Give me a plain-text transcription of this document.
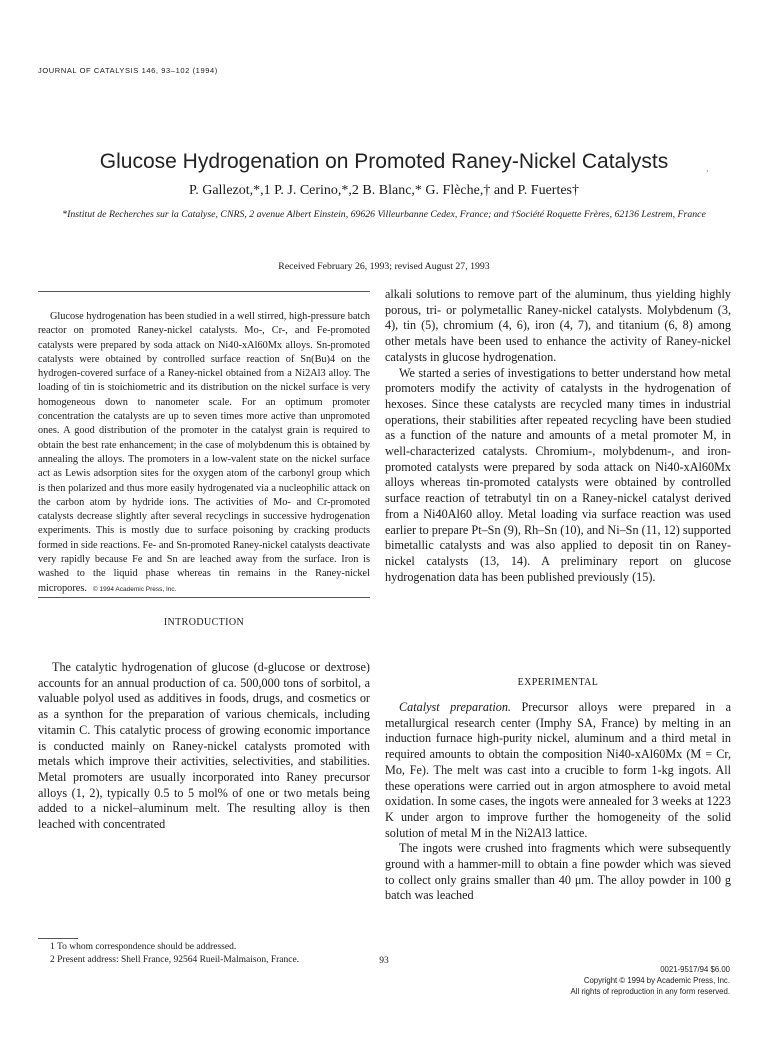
JOURNAL OF CATALYSIS 146, 93–102 (1994)
Glucose Hydrogenation on Promoted Raney-Nickel Catalysts	,
P. Gallezot,*,1 P. J. Cerino,*,2 B. Blanc,* G. Flèche,† and P. Fuertes†
*Institut de Recherches sur la Catalyse, CNRS, 2 avenue Albert Einstein, 69626 Villeurbanne Cedex, France; and †Société Roquette Frères, 62136 Lestrem, France
Received February 26, 1993; revised August 27, 1993

Glucose hydrogenation has been studied in a well stirred, high-pressure batch reactor on promoted Raney-nickel catalysts. Mo-, Cr-, and Fe-promoted catalysts were prepared by soda attack on Ni40-xAl60Mx alloys. Sn-promoted catalysts were obtained by controlled surface reaction of Sn(Bu)4 on the hydrogen-covered surface of a Raney-nickel obtained from a Ni2Al3 alloy. The loading of tin is stoichiometric and its distribution on the nickel surface is very homogeneous down to nanometer scale. For an optimum promoter concentration the catalysts are up to seven times more active than unpromoted ones. A good distribution of the promoter in the catalyst grain is required to obtain the best rate enhancement; in the case of molybdenum this is obtained by annealing the alloys. The promoters in a low-valent state on the nickel surface act as Lewis adsorption sites for the oxygen atom of the carbonyl group which is then polarized and thus more easily hydrogenated via a nucleophilic attack on the carbon atom by hydride ions. The activities of Mo- and Cr-promoted catalysts decrease slightly after several recyclings in successive hydrogenation experiments. This is mostly due to surface poisoning by cracking products formed in side reactions. Fe- and Sn-promoted Raney-nickel catalysts deactivate very rapidly because Fe and Sn are leached away from the surface. Iron is washed to the liquid phase whereas tin remains in the Raney-nickel micropores. © 1994 Academic Press, Inc.

alkali solutions to remove part of the aluminum, thus yielding highly porous, tri- or polymetallic Raney-nickel catalysts. Molybdenum (3, 4), tin (5), chromium (4, 6), iron (4, 7), and titanium (6, 8) among other metals have been used to enhance the activity of Raney-nickel catalysts in glucose hydrogenation.

We started a series of investigations to better understand how metal promoters modify the activity of catalysts in the hydrogenation of hexoses. Since these catalysts are recycled many times in industrial operations, their stabilities after repeated recycling have been studied as a function of the nature and amounts of a metal promoter M, in well-characterized catalysts. Chromium-, molybdenum-, and iron-promoted catalysts were prepared by soda attack on Ni40-xAl60Mx alloys whereas tin-promoted catalysts were obtained by controlled surface reaction of tetrabutyl tin on a Raney-nickel catalyst derived from a Ni40Al60 alloy. Metal loading via surface reaction was used earlier to prepare Pt–Sn (9), Rh–Sn (10), and Ni–Sn (11, 12) supported bimetallic catalysts and was also applied to deposit tin on Raney-nickel catalysts (13, 14). A preliminary report on glucose hydrogenation data has been published previously (15).

INTRODUCTION

The catalytic hydrogenation of glucose (d-glucose or dextrose) accounts for an annual production of ca. 500,000 tons of sorbitol, a valuable polyol used as additives in foods, drugs, and cosmetics or as a synthon for the preparation of various chemicals, including vitamin C. This catalytic process of growing economic importance is conducted mainly on Raney-nickel catalysts promoted with metals which improve their activities, selectivities, and stabilities. Metal promoters are usually incorporated into Raney precursor alloys (1, 2), typically 0.5 to 5 mol% of one or two metals being added to a nickel–aluminum melt. The resulting alloy is then leached with concentrated

EXPERIMENTAL

Catalyst preparation. Precursor alloys were prepared in a metallurgical research center (Imphy SA, France) by melting in an induction furnace high-purity nickel, aluminum and a third metal in required amounts to obtain the composition Ni40-xAl60Mx (M = Cr, Mo, Fe). The melt was cast into a crucible to form 1-kg ingots. All these operations were carried out in argon atmosphere to avoid metal oxidation. In some cases, the ingots were annealed for 3 weeks at 1223 K under argon to improve further the homogeneity of the solid solution of metal M in the Ni2Al3 lattice.

The ingots were crushed into fragments which were subsequently ground with a hammer-mill to obtain a fine powder which was sieved to collect only grains smaller than 40 μm. The alloy powder in 100 g batch was leached

1 To whom correspondence should be addressed.

2 Present address: Shell France, 92564 Rueil-Malmaison, France.	93
0021-9517/94 $6.00
Copyright © 1994 by Academic Press, Inc.
All rights of reproduction in any form reserved.
